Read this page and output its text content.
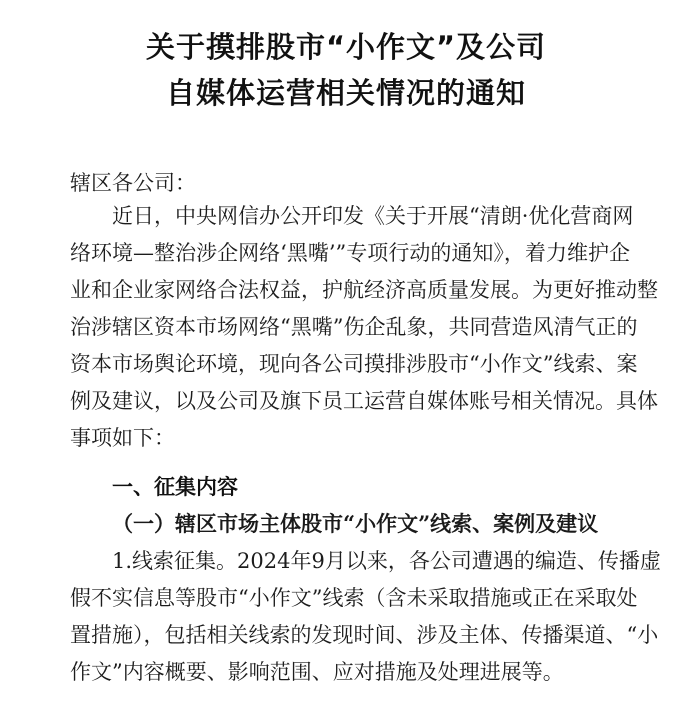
关于摸排股市“小作文”及公司
自媒体运营相关情况的通知
辖区各公司：
近日，中央网信办公开印发《关于开展“清朗·优化营商网
络环境—整治涉企网络‘黑嘴’”专项行动的通知》，着力维护企
业和企业家网络合法权益，护航经济高质量发展。为更好推动整
治涉辖区资本市场网络“黑嘴”伤企乱象，共同营造风清气正的
资本市场舆论环境，现向各公司摸排涉股市“小作文”线索、案
例及建议，以及公司及旗下员工运营自媒体账号相关情况。具体
事项如下：
一、征集内容
（一）辖区市场主体股市“小作文”线索、案例及建议
1.线索征集。2024年9月以来，各公司遭遇的编造、传播虚
假不实信息等股市“小作文”线索（含未采取措施或正在采取处
置措施），包括相关线索的发现时间、涉及主体、传播渠道、“小
作文”内容概要、影响范围、应对措施及处理进展等。
